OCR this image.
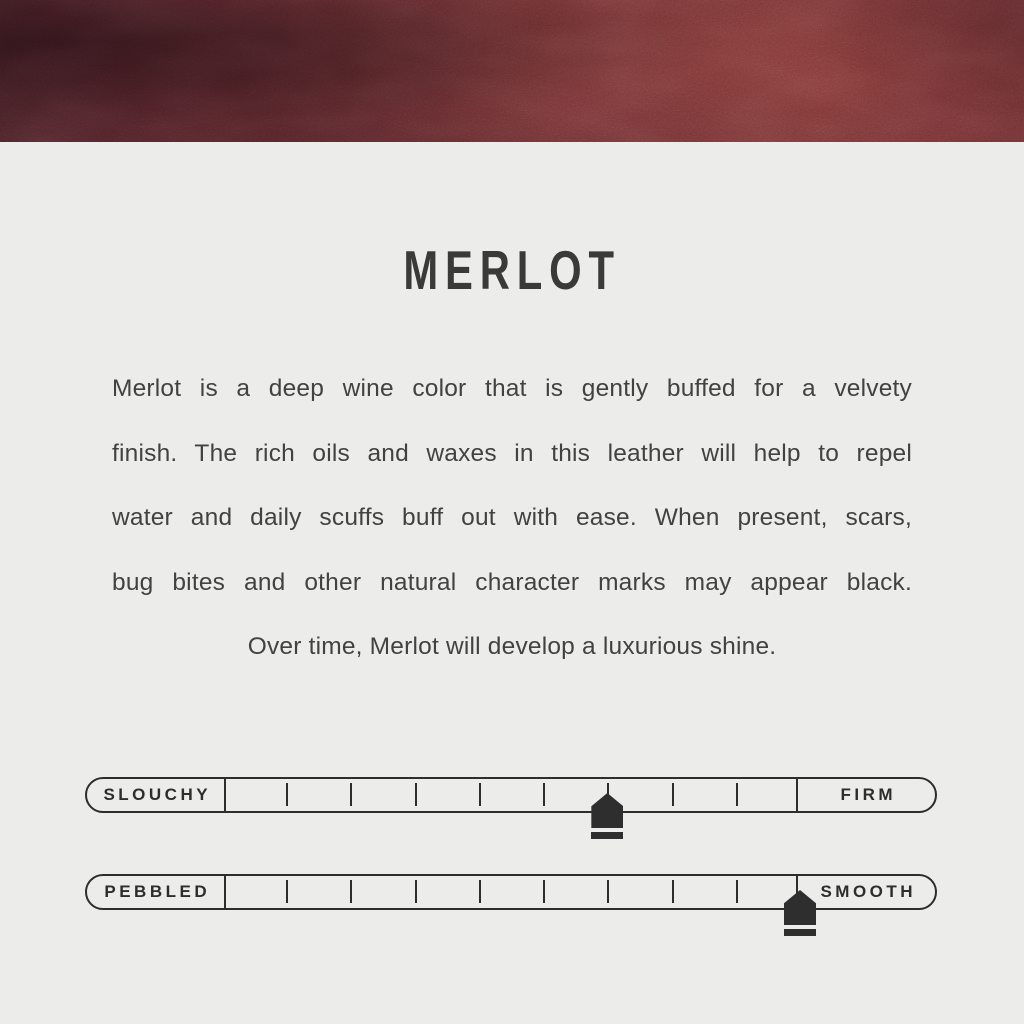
MERLOT
Merlot is a deep wine color that is gently buffed for a velvety
finish. The rich oils and waxes in this leather will help to repel
water and daily scuffs buff out with ease. When present, scars,
bug bites and other natural character marks may appear black.
Over time, Merlot will develop a luxurious shine.
SLOUCHY	FIRM
PEBBLED	SMOOTH
